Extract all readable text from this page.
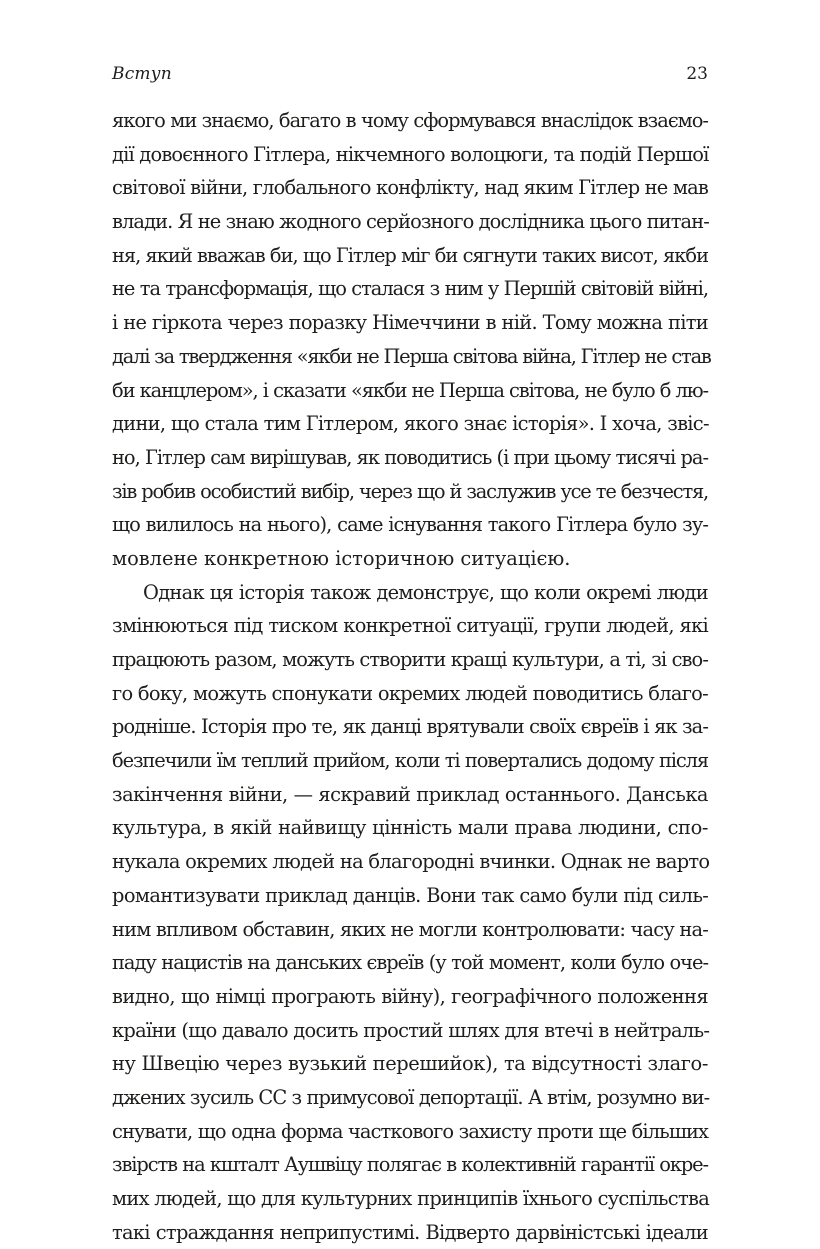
Вступ	23
якого ми знаємо, багато в чому сформувався внаслідок взаємо-
дії довоєнного Гітлера, нікчемного волоцюги, та подій Першої
світової війни, глобального конфлікту, над яким Гітлер не мав
влади. Я не знаю жодного серйозного дослідника цього питан-
ня, який вважав би, що Гітлер міг би сягнути таких висот, якби
не та трансформація, що сталася з ним у Першій світовій війні,
і не гіркота через поразку Німеччини в ній. Тому можна піти
далі за твердження «якби не Перша світова війна, Гітлер не став
би канцлером», і сказати «якби не Перша світова, не було б лю-
дини, що стала тим Гітлером, якого знає історія». І хоча, звіс-
но, Гітлер сам вирішував, як поводитись (і при цьому тисячі ра-
зів робив особистий вибір, через що й заслужив усе те безчестя,
що вилилось на нього), саме існування такого Гітлера було зу-
мовлене конкретною історичною ситуацією.
Однак ця історія також демонструє, що коли окремі люди
змінюються під тиском конкретної ситуації, групи людей, які
працюють разом, можуть створити кращі культури, а ті, зі сво-
го боку, можуть спонукати окремих людей поводитись благо-
родніше. Історія про те, як данці врятували своїх євреїв і як за-
безпечили їм теплий прийом, коли ті повертались додому після
закінчення війни, — яскравий приклад останнього. Данська
культура, в якій найвищу цінність мали права людини, спо-
нукала окремих людей на благородні вчинки. Однак не варто
романтизувати приклад данців. Вони так само були під силь-
ним впливом обставин, яких не могли контролювати: часу на-
паду нацистів на данських євреїв (у той момент, коли було оче-
видно, що німці програють війну), географічного положення
країни (що давало досить простий шлях для втечі в нейтраль-
ну Швецію через вузький перешийок), та відсутності злаго-
джених зусиль СС з примусової депортації. А втім, розумно ви-
снувати, що одна форма часткового захисту проти ще більших
звірств на кшталт Аушвіцу полягає в колективній гарантії окре-
мих людей, що для культурних принципів їхнього суспільства
такі страждання неприпустимі. Відверто дарвіністські ідеали
